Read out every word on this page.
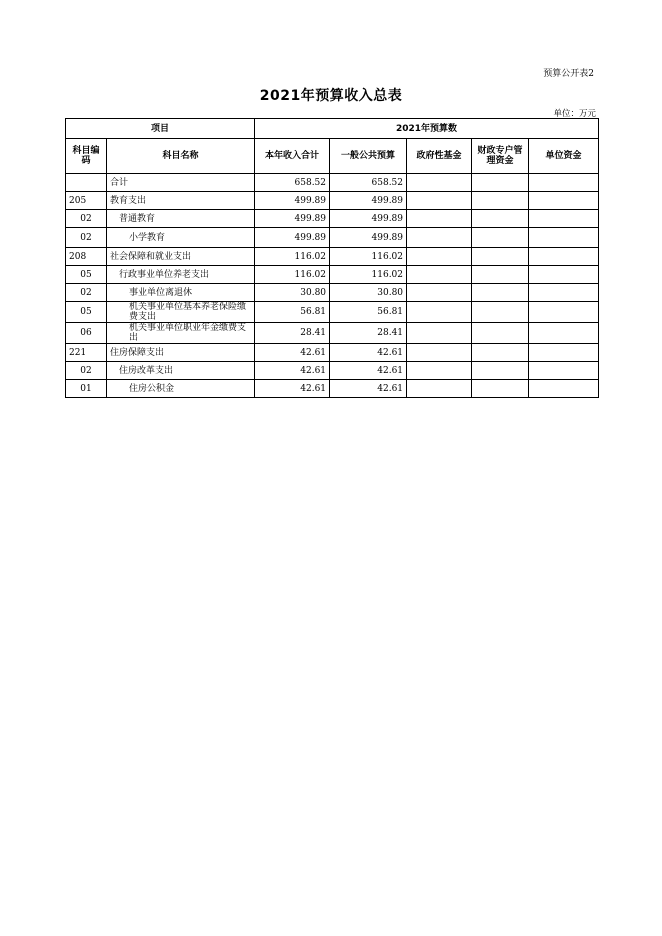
预算公开表2
2021年预算收入总表
单位：万元
项目		2021年预算数				
科目编码	科目名称	本年收入合计	一般公共预算	政府性基金	财政专户管理资金	单位资金
	合计	658.52	658.52			
205	教育支出	499.89	499.89			
02	普通教育	499.89	499.89			
02	小学教育	499.89	499.89			
208	社会保障和就业支出	116.02	116.02			
05	行政事业单位养老支出	116.02	116.02			
02	事业单位离退休	30.80	30.80			
05	机关事业单位基本养老保险缴费支出	56.81	56.81			
06	机关事业单位职业年金缴费支出	28.41	28.41			
221	住房保障支出	42.61	42.61			
02	住房改革支出	42.61	42.61			
01	住房公积金	42.61	42.61			
